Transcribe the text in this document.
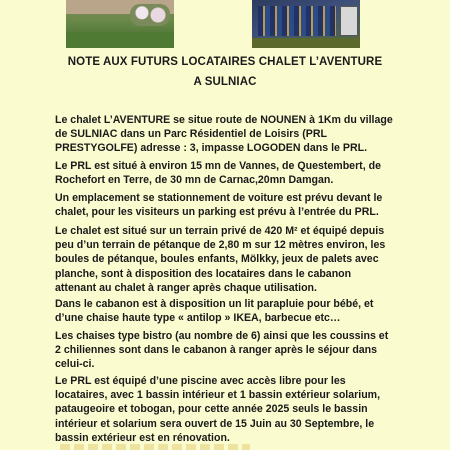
NOTE AUX FUTURS LOCATAIRES CHALET L’AVENTURE
A SULNIAC

Le chalet L’AVENTURE se situe route de NOUNEN à 1Km du village de SULNIAC dans un Parc Résidentiel de Loisirs (PRL PRESTYGOLFE) adresse : 3, impasse LOGODEN dans le PRL.

Le PRL est situé à environ 15 mn de Vannes, de Questembert, de Rochefort en Terre, de 30 mn de Carnac,20mn Damgan.

Un emplacement se stationnement de voiture est prévu devant le chalet, pour les visiteurs un parking est prévu à l’entrée du PRL.

Le chalet est situé sur un terrain privé de 420 M² et équipé depuis peu d’un terrain de pétanque de 2,80 m sur 12 mètres environ, les boules de pétanque, boules enfants, Mölkky, jeux de palets avec planche, sont à disposition des locataires dans le cabanon attenant au chalet à ranger après chaque utilisation.

Dans le cabanon est à disposition un lit parapluie pour bébé, et d’une chaise haute type « antilop » IKEA, barbecue etc…

Les chaises type bistro (au nombre de 6) ainsi que les coussins et 2 chiliennes sont dans le cabanon à ranger après le séjour dans celui-ci.

Le PRL est équipé d’une piscine avec accès libre pour les locataires, avec 1 bassin intérieur et 1 bassin extérieur solarium, pataugeoire et tobogan, pour cette année 2025 seuls le bassin intérieur et solarium sera ouvert de 15 Juin au 30 Septembre, le bassin extérieur est en rénovation.
